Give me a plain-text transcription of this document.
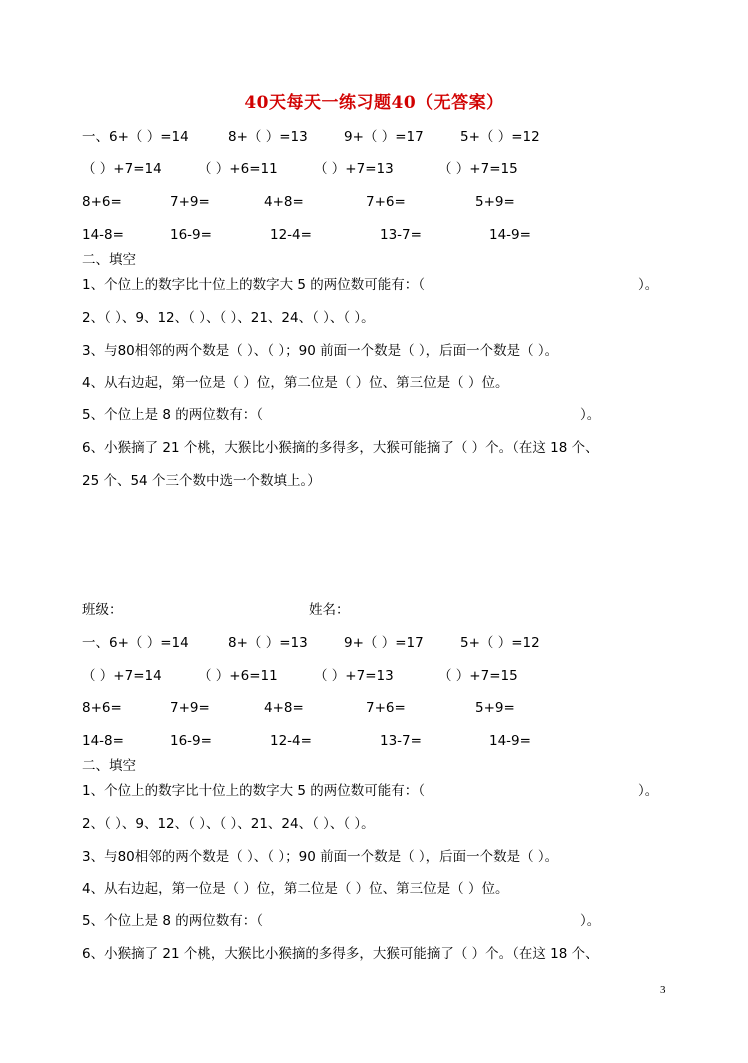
40天每天一练习题40（无答案）
一、6+（ ）=14	8+（ ）=13	9+（ ）=17	5+（ ）=12
（ ）+7=14	（ ）+6=11	（ ）+7=13	（ ）+7=15
8+6=	7+9=	4+8=	7+6=	5+9=
14-8=	16-9=	12-4=	13-7=	14-9=
二、填空
1、个位上的数字比十位上的数字大 5 的两位数可能有：（	）。
2、（ ）、9、12、（ ）、（ ）、21、24、（ ）、（ ）。
3、与80相邻的两个数是（ ）、（ ）；90 前面一个数是（ ），后面一个数是（ ）。
4、从右边起，第一位是（ ）位，第二位是（ ）位、第三位是（ ）位。
5、个位上是 8 的两位数有：（	）。
6、小猴摘了 21 个桃，大猴比小猴摘的多得多，大猴可能摘了（ ）个。（在这 18 个、
25 个、54 个三个数中选一个数填上。）
班级：	姓名：
一、6+（ ）=14	8+（ ）=13	9+（ ）=17	5+（ ）=12
（ ）+7=14	（ ）+6=11	（ ）+7=13	（ ）+7=15
8+6=	7+9=	4+8=	7+6=	5+9=
14-8=	16-9=	12-4=	13-7=	14-9=
二、填空
1、个位上的数字比十位上的数字大 5 的两位数可能有：（	）。
2、（ ）、9、12、（ ）、（ ）、21、24、（ ）、（ ）。
3、与80相邻的两个数是（ ）、（ ）；90 前面一个数是（ ），后面一个数是（ ）。
4、从右边起，第一位是（ ）位，第二位是（ ）位、第三位是（ ）位。
5、个位上是 8 的两位数有：（	）。
6、小猴摘了 21 个桃，大猴比小猴摘的多得多，大猴可能摘了（ ）个。（在这 18 个、
3
